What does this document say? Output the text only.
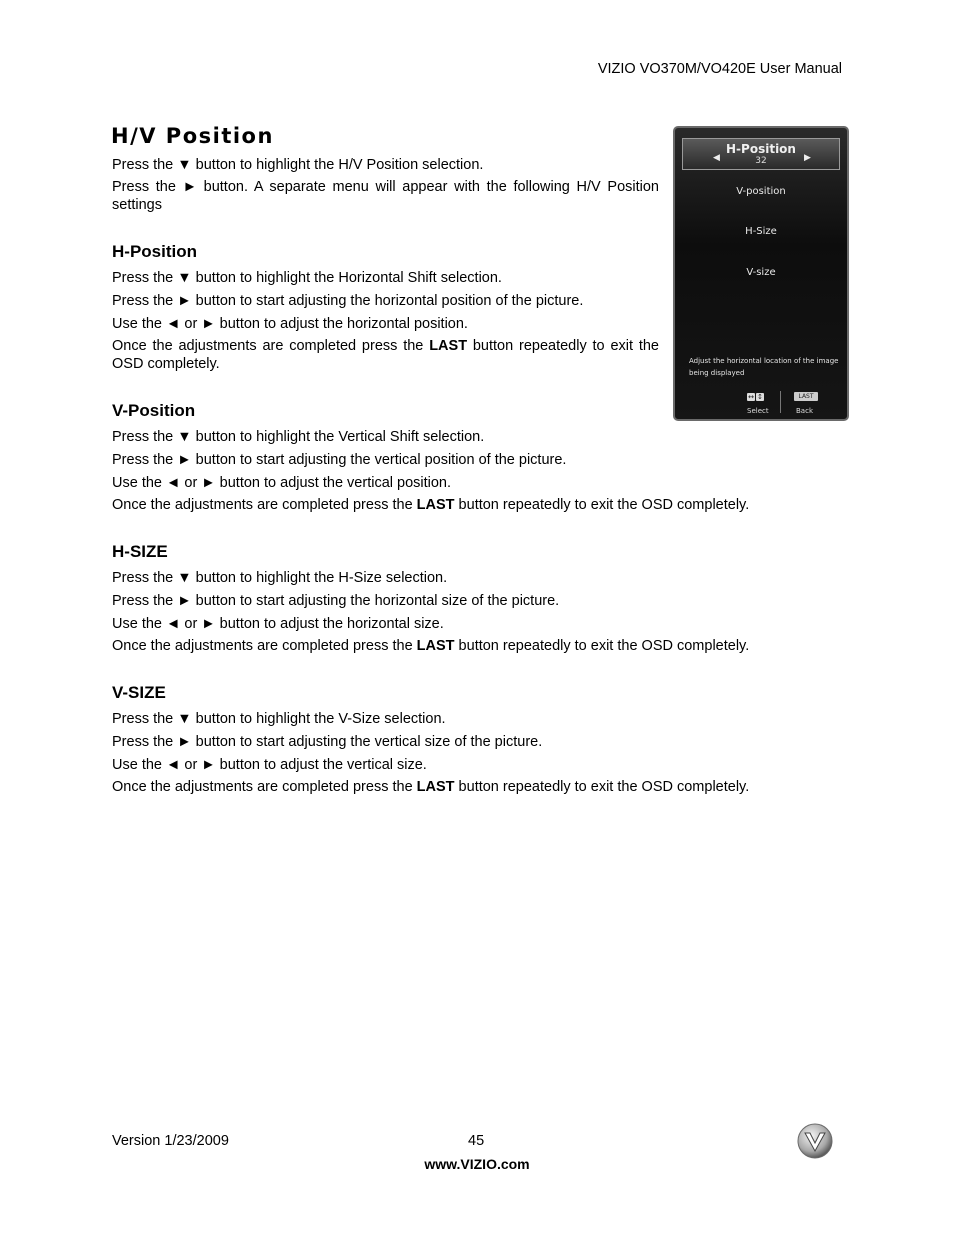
VIZIO VO370M/VO420E User Manual
H/V Position
Press the ▼ button to highlight the H/V Position selection.
Press the ► button. A separate menu will appear with the following H/V Position settings
H-Position
Press the ▼ button to highlight the Horizontal Shift selection.
Press the ► button to start adjusting the horizontal position of the picture.
Use the ◄ or ► button to adjust the horizontal position.
Once the adjustments are completed press the LAST button repeatedly to exit the OSD completely.
V-Position
Press the ▼ button to highlight the Vertical Shift selection.
Press the ► button to start adjusting the vertical position of the picture.
Use the ◄ or ► button to adjust the vertical position.
Once the adjustments are completed press the LAST button repeatedly to exit the OSD completely.
H-SIZE
Press the ▼ button to highlight the H-Size selection.
Press the ► button to start adjusting the horizontal size of the picture.
Use the ◄ or ► button to adjust the horizontal size.
Once the adjustments are completed press the LAST button repeatedly to exit the OSD completely.
V-SIZE
Press the ▼ button to highlight the V-Size selection.
Press the ► button to start adjusting the vertical size of the picture.
Use the ◄ or ► button to adjust the vertical size.
Once the adjustments are completed press the LAST button repeatedly to exit the OSD completely.
◀
H-Position
32	▶
V-position
H-Size
V-size
Adjust the horizontal location of the image being displayed
↔ ↕	LAST
Select	Back
Version 1/23/2009	45
www.VIZIO.com
